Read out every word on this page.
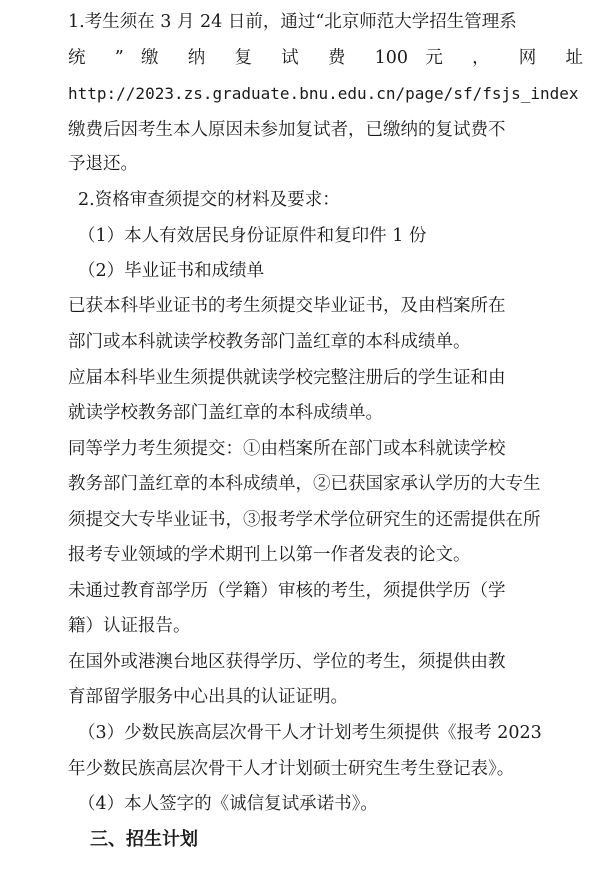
1.考生须在 3 月 24 日前，通过“北京师范大学招生管理系
统 ” 缴 纳 复 试 费 100 元 ， 网 址
http://2023.zs.graduate.bnu.edu.cn/page/sf/fsjs_index
缴费后因考生本人原因未参加复试者，已缴纳的复试费不
予退还。
2.资格审查须提交的材料及要求：
（1）本人有效居民身份证原件和复印件 1 份
（2）毕业证书和成绩单
已获本科毕业证书的考生须提交毕业证书，及由档案所在
部门或本科就读学校教务部门盖红章的本科成绩单。
应届本科毕业生须提供就读学校完整注册后的学生证和由
就读学校教务部门盖红章的本科成绩单。
同等学力考生须提交：①由档案所在部门或本科就读学校
教务部门盖红章的本科成绩单，②已获国家承认学历的大专生
须提交大专毕业证书，③报考学术学位研究生的还需提供在所
报考专业领域的学术期刊上以第一作者发表的论文。
未通过教育部学历（学籍）审核的考生，须提供学历（学
籍）认证报告。
在国外或港澳台地区获得学历、学位的考生，须提供由教
育部留学服务中心出具的认证证明。
（3）少数民族高层次骨干人才计划考生须提供《报考 2023
年少数民族高层次骨干人才计划硕士研究生考生登记表》。
（4）本人签字的《诚信复试承诺书》。
三、招生计划
